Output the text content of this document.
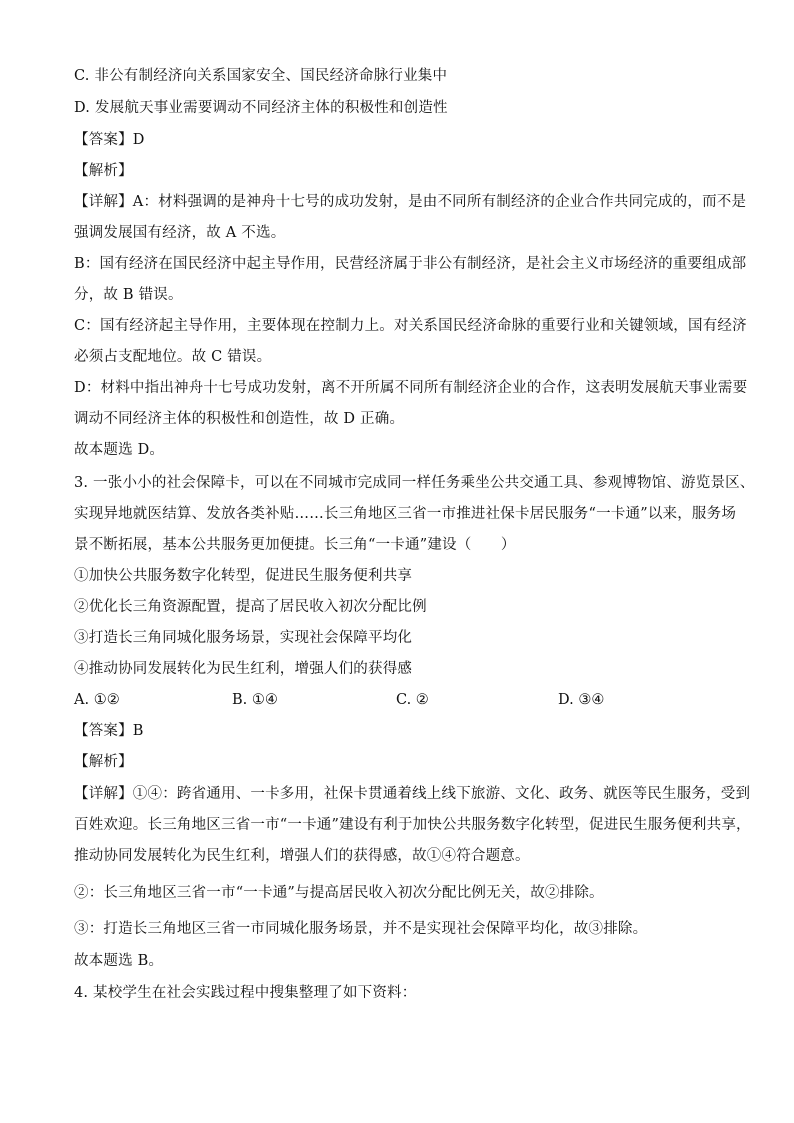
C. 非公有制经济向关系国家安全、国民经济命脉行业集中
D. 发展航天事业需要调动不同经济主体的积极性和创造性
【答案】D
【解析】
【详解】A：材料强调的是神舟十七号的成功发射，是由不同所有制经济的企业合作共同完成的，而不是
强调发展国有经济，故 A 不选。
B：国有经济在国民经济中起主导作用，民营经济属于非公有制经济，是社会主义市场经济的重要组成部
分，故 B 错误。
C：国有经济起主导作用，主要体现在控制力上。对关系国民经济命脉的重要行业和关键领域，国有经济
必须占支配地位。故 C 错误。
D：材料中指出神舟十七号成功发射，离不开所属不同所有制经济企业的合作，这表明发展航天事业需要
调动不同经济主体的积极性和创造性，故 D 正确。
故本题选 D。
3. 一张小小的社会保障卡，可以在不同城市完成同一样任务乘坐公共交通工具、参观博物馆、游览景区、
实现异地就医结算、发放各类补贴……长三角地区三省一市推进社保卡居民服务“一卡通”以来，服务场
景不断拓展，基本公共服务更加便捷。长三角“一卡通”建设（　　）
①加快公共服务数字化转型，促进民生服务便利共享
②优化长三角资源配置，提高了居民收入初次分配比例
③打造长三角同城化服务场景，实现社会保障平均化
④推动协同发展转化为民生红利，增强人们的获得感
A. ①②	B. ①④	C. ②	D. ③④
【答案】B
【解析】
【详解】①④：跨省通用、一卡多用，社保卡贯通着线上线下旅游、文化、政务、就医等民生服务，受到
百姓欢迎。长三角地区三省一市“一卡通”建设有利于加快公共服务数字化转型，促进民生服务便利共享，
推动协同发展转化为民生红利，增强人们的获得感，故①④符合题意。
②：长三角地区三省一市“一卡通”与提高居民收入初次分配比例无关，故②排除。
③：打造长三角地区三省一市同城化服务场景，并不是实现社会保障平均化，故③排除。
故本题选 B。
4. 某校学生在社会实践过程中搜集整理了如下资料：
